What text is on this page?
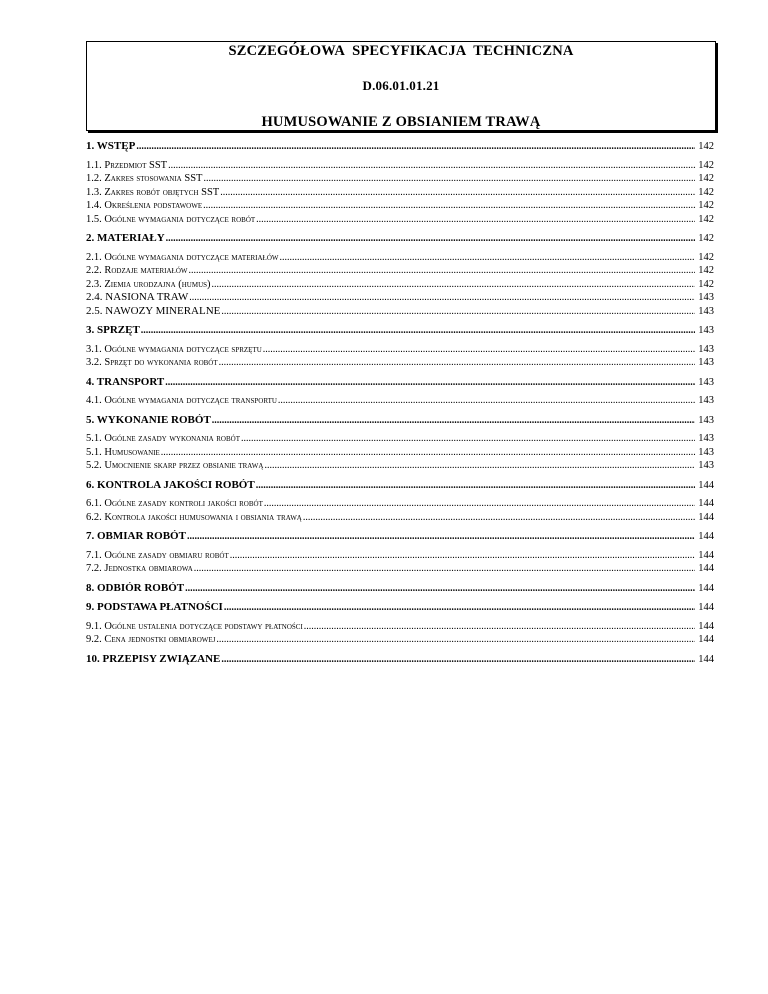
SZCZEGÓŁOWA SPECYFIKACJA TECHNICZNA
D.06.01.01.21
HUMUSOWANIE Z OBSIANIEM TRAWĄ
1. WSTĘP .....	142
1.1. Przedmiot SST .....	142
1.2. Zakres stosowania SST .....	142
1.3. Zakres robót objętych SST .....	142
1.4. Określenia podstawowe .....	142
1.5. Ogólne wymagania dotyczące robót .....	142
2. MATERIAŁY .....	142
2.1. Ogólne wymagania dotyczące materiałów .....	142
2.2. Rodzaje materiałów .....	142
2.3. Ziemia urodzajna (humus) .....	142
2.4. NASIONA TRAW .....	143
2.5. NAWOZY MINERALNE .....	143
3. SPRZĘT .....	143
3.1. Ogólne wymagania dotyczące sprzętu .....	143
3.2. Sprzęt do wykonania robót .....	143
4. TRANSPORT .....	143
4.1. Ogólne wymagania dotyczące transportu .....	143
5. WYKONANIE ROBÓT .....	143
5.1. Ogólne zasady wykonania robót .....	143
5.1. Humusowanie .....	143
5.2. Umocnienie skarp przez obsianie trawą .....	143
6. KONTROLA JAKOŚCI ROBÓT .....	144
6.1. Ogólne zasady kontroli jakości robót .....	144
6.2. Kontrola jakości humusowania i obsiania trawą .....	144
7. OBMIAR ROBÓT .....	144
7.1. Ogólne zasady obmiaru robót .....	144
7.2. Jednostka obmiarowa .....	144
8. ODBIÓR ROBÓT .....	144
9. PODSTAWA PŁATNOŚCI .....	144
9.1. Ogólne ustalenia dotyczące podstawy płatności .....	144
9.2. Cena jednostki obmiarowej .....	144
10. PRZEPISY ZWIĄZANE .....	144
